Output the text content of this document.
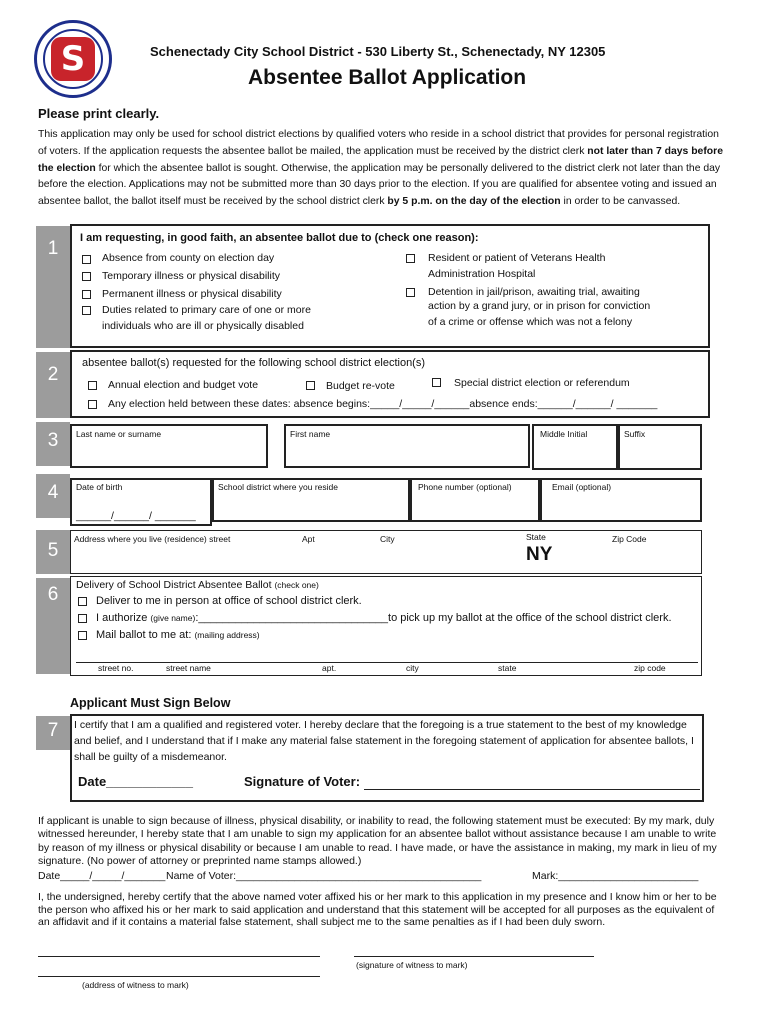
S	Schenectady City School District - 530 Liberty St., Schenectady, NY 12305
Absentee Ballot Application
Please print clearly.
This application may only be used for school district elections by qualified voters who reside in a school district that provides for personal registration of voters. If the application requests the absentee ballot be mailed, the application must be received by the district clerk not later than 7 days before the election for which the absentee ballot is sought. Otherwise, the application may be personally delivered to the district clerk not later than the day before the election. Applications may not be submitted more than 30 days prior to the election. If you are qualified for absentee voting and issued an absentee ballot, the ballot itself must be received by the school district clerk by 5 p.m. on the day of the election in order to be canvassed.
1	I am requesting, in good faith, an absentee ballot due to (check one reason):
Absence from county on election day
Temporary illness or physical disability
Permanent illness or physical disability
Duties related to primary care of one or more
individuals who are ill or physically disabled
Resident or patient of Veterans Health
Administration Hospital
Detention in jail/prison, awaiting trial, awaiting
action by a grand jury, or in prison for conviction
of a crime or offense which was not a felony
2
absentee ballot(s) requested for the following school district election(s)
Annual election and budget vote	Budget re-vote	Special district election or referendum
Any election held between these dates: absence begins:_____/_____/______absence ends:______/______/ _______
3	Last name or surname	First name	Middle Initial	Suffix
4	Date of birth
______/______/ _______
School district where you reside	Phone number (optional)	Email (optional)
5
Address where you live (residence) street	Apt	City	State
NY
Zip Code
6	Delivery of School District Absentee Ballot (check one)
Deliver to me in person at office of school district clerk.
I authorize (give name):_______________________________to pick up my ballot at the office of the school district clerk.
Mail ballot to me at: (mailing address)
street no.	street name	apt.	city	state	zip code
Applicant Must Sign Below
7	I certify that I am a qualified and registered voter. I hereby declare that the foregoing is a true statement to the best of my knowledge and belief, and I understand that if I make any material false statement in the foregoing statement of application for absentee ballots, I shall be guilty of a misdemeanor.
Date____________	Signature of Voter:
If applicant is unable to sign because of illness, physical disability, or inability to read, the following statement must be executed: By my mark, duly witnessed hereunder, I hereby state that I am unable to sign my application for an absentee ballot without assistance because I am unable to write by reason of my illness or physical disability or because I am unable to read. I have made, or have the assistance in making, my mark in lieu of my signature. (No power of attorney or preprinted name stamps allowed.)
Date_____/_____/_______ Name of Voter:__________________________________________	Mark:________________________
I, the undersigned, hereby certify that the above named voter affixed his or her mark to this application in my presence and I know him or her to be the person who affixed his or her mark to said application and understand that this statement will be accepted for all purposes as the equivalent of an affidavit and if it contains a material false statement, shall subject me to the same penalties as if I had been duly sworn.
(signature of witness to mark)
(address of witness to mark)
